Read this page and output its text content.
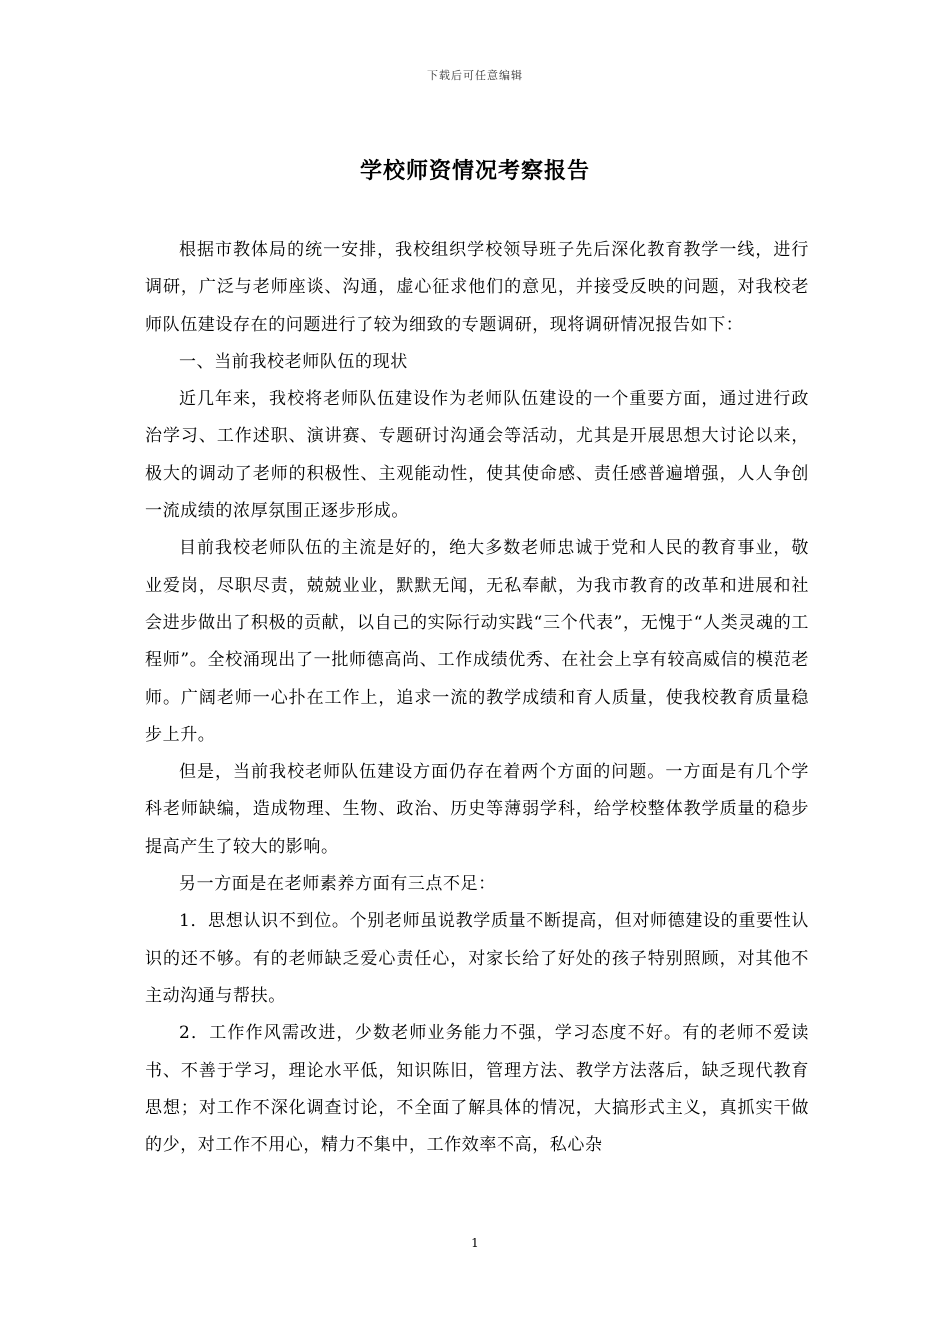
下载后可任意编辑
学校师资情况考察报告

根据市教体局的统一安排，我校组织学校领导班子先后深化教育教学一线，进行调研，广泛与老师座谈、沟通，虚心征求他们的意见，并接受反映的问题，对我校老师队伍建设存在的问题进行了较为细致的专题调研，现将调研情况报告如下：

一、当前我校老师队伍的现状

近几年来，我校将老师队伍建设作为老师队伍建设的一个重要方面，通过进行政治学习、工作述职、演讲赛、专题研讨沟通会等活动，尤其是开展思想大讨论以来，极大的调动了老师的积极性、主观能动性，使其使命感、责任感普遍增强，人人争创一流成绩的浓厚氛围正逐步形成。

目前我校老师队伍的主流是好的，绝大多数老师忠诚于党和人民的教育事业，敬业爱岗，尽职尽责，兢兢业业，默默无闻，无私奉献，为我市教育的改革和进展和社会进步做出了积极的贡献，以自己的实际行动实践“三个代表”，无愧于“人类灵魂的工程师”。全校涌现出了一批师德高尚、工作成绩优秀、在社会上享有较高威信的模范老师。广阔老师一心扑在工作上，追求一流的教学成绩和育人质量，使我校教育质量稳步上升。

但是，当前我校老师队伍建设方面仍存在着两个方面的问题。一方面是有几个学科老师缺编，造成物理、生物、政治、历史等薄弱学科，给学校整体教学质量的稳步提高产生了较大的影响。

另一方面是在老师素养方面有三点不足：

1．思想认识不到位。个别老师虽说教学质量不断提高，但对师德建设的重要性认识的还不够。有的老师缺乏爱心责任心，对家长给了好处的孩子特别照顾，对其他不主动沟通与帮扶。

2．工作作风需改进，少数老师业务能力不强，学习态度不好。有的老师不爱读书、不善于学习，理论水平低，知识陈旧，管理方法、教学方法落后，缺乏现代教育思想；对工作不深化调查讨论，不全面了解具体的情况，大搞形式主义，真抓实干做的少，对工作不用心，精力不集中，工作效率不高，私心杂

1
